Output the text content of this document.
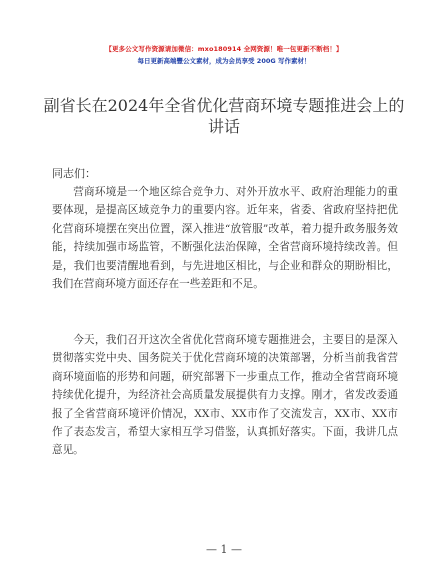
【更多公文写作资源请加微信：mxo180914 全网资源！唯一包更新不断档！】
每日更新高端豐公文素材，成为会员享受 200G 写作素材！
副省长在2024年全省优化营商环境专题推进会上的讲话
同志们：
营商环境是一个地区综合竞争力、对外开放水平、政府治理能力的重要体现，是提高区域竞争力的重要内容。近年来，省委、省政府坚持把优化营商环境摆在突出位置，深入推进“放管服”改革，着力提升政务服务效能，持续加强市场监管，不断强化法治保障，全省营商环境持续改善。但是，我们也要清醒地看到，与先进地区相比，与企业和群众的期盼相比，我们在营商环境方面还存在一些差距和不足。
今天，我们召开这次全省优化营商环境专题推进会，主要目的是深入贯彻落实党中央、国务院关于优化营商环境的决策部署，分析当前我省营商环境面临的形势和问题，研究部署下一步重点工作，推动全省营商环境持续优化提升，为经济社会高质量发展提供有力支撑。刚才，省发改委通报了全省营商环境评价情况，XX市、XX市作了交流发言，XX市、XX市作了表态发言，希望大家相互学习借鉴，认真抓好落实。下面，我讲几点意见。
— 1 —
